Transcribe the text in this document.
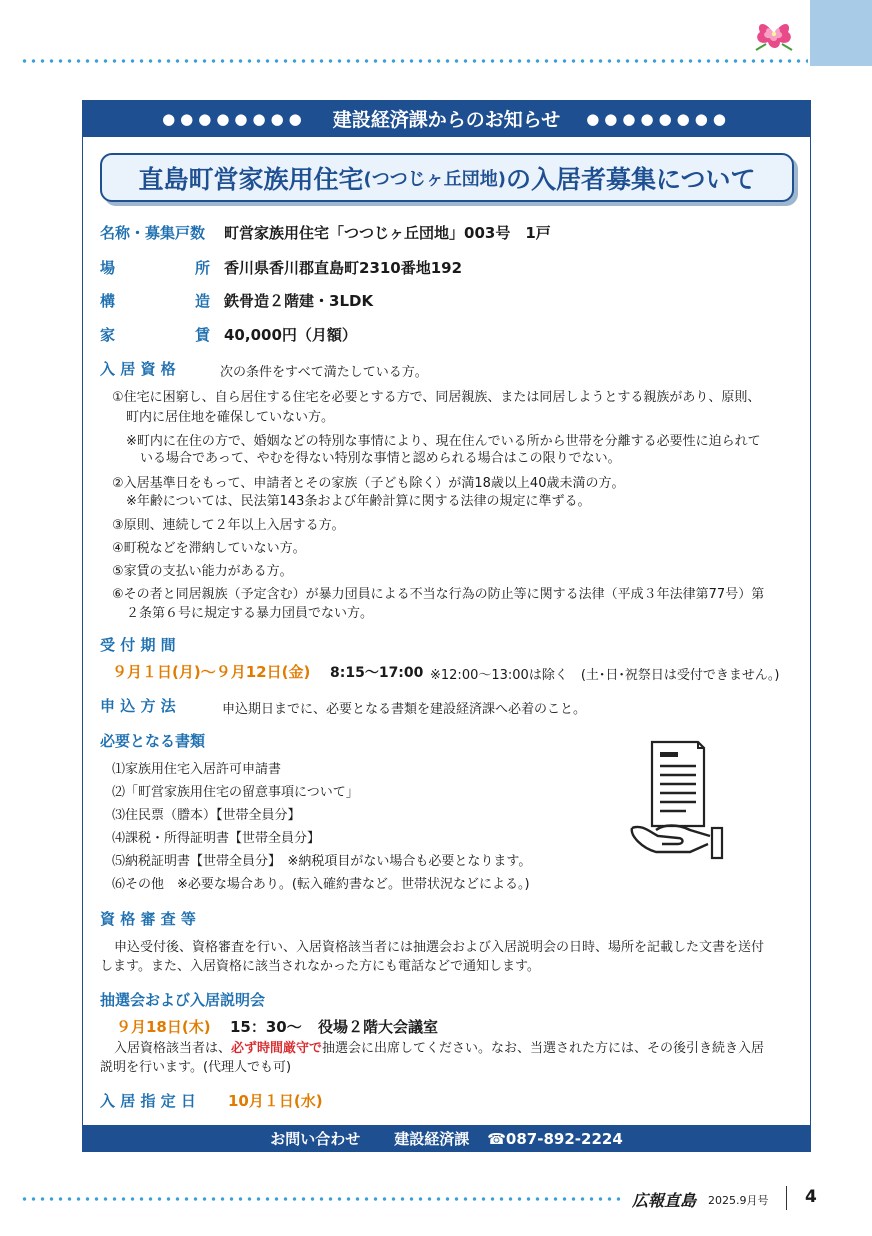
●●●●●●●● 建設経済課からのお知らせ ●●●●●●●●
直島町営家族用住宅 (つつじヶ丘団地) の入居者募集について
名称・募集戸数 町営家族用住宅「つつじヶ丘団地」003号　1戸
場　　　所 香川県香川郡直島町2310番地192
構　　　造 鉄骨造２階建・3LDK
家　　　賃 40,000円（月額）
入 居 資 格	次の条件をすべて満たしている方。
①住宅に困窮し、自ら居住する住宅を必要とする方で、同居親族、または同居しようとする親族があり、原則、
町内に居住地を確保していない方。
※町内に在住の方で、婚姻などの特別な事情により、現在住んでいる所から世帯を分離する必要性に迫られて
いる場合であって、やむを得ない特別な事情と認められる場合はこの限りでない。
②入居基準日をもって、申請者とその家族（子ども除く）が満18歳以上40歳未満の方。
※年齢については、民法第143条および年齢計算に関する法律の規定に準ずる。
③原則、連続して２年以上入居する方。
④町税などを滞納していない方。
⑤家賃の支払い能力がある方。
⑥その者と同居親族（予定含む）が暴力団員による不当な行為の防止等に関する法律（平成３年法律第77号）第
２条第６号に規定する暴力団員でない方。
受 付 期 間
９月１日(月)～９月12日(金) 8:15～17:00 ※12:00～13:00は除く　(土･日･祝祭日は受付できません｡)
申 込 方 法	申込期日までに、必要となる書類を建設経済課へ必着のこと。
必要となる書類
⑴家族用住宅入居許可申請書
⑵「町営家族用住宅の留意事項について」
⑶住民票（謄本）【世帯全員分】
⑷課税・所得証明書【世帯全員分】
⑸納税証明書【世帯全員分】　※納税項目がない場合も必要となります。
⑹その他　※必要な場合あり。(転入確約書など。世帯状況などによる。)
資 格 審 査 等
申込受付後、資格審査を行い、入居資格該当者には抽選会および入居説明会の日時、場所を記載した文書を送付
します。また、入居資格に該当されなかった方にも電話などで通知します。
抽選会および入居説明会
９月18日(木) 15：30～ 役場２階大会議室
入居資格該当者は、必ず時間厳守で抽選会に出席してください。なお、当選された方には、その後引き続き入居
説明を行います。(代理人でも可)
入 居 指 定 日 10月１日(水)
お問い合わせ 建設経済課 ☎087-892-2224
広報直島 2025.9月号 4
